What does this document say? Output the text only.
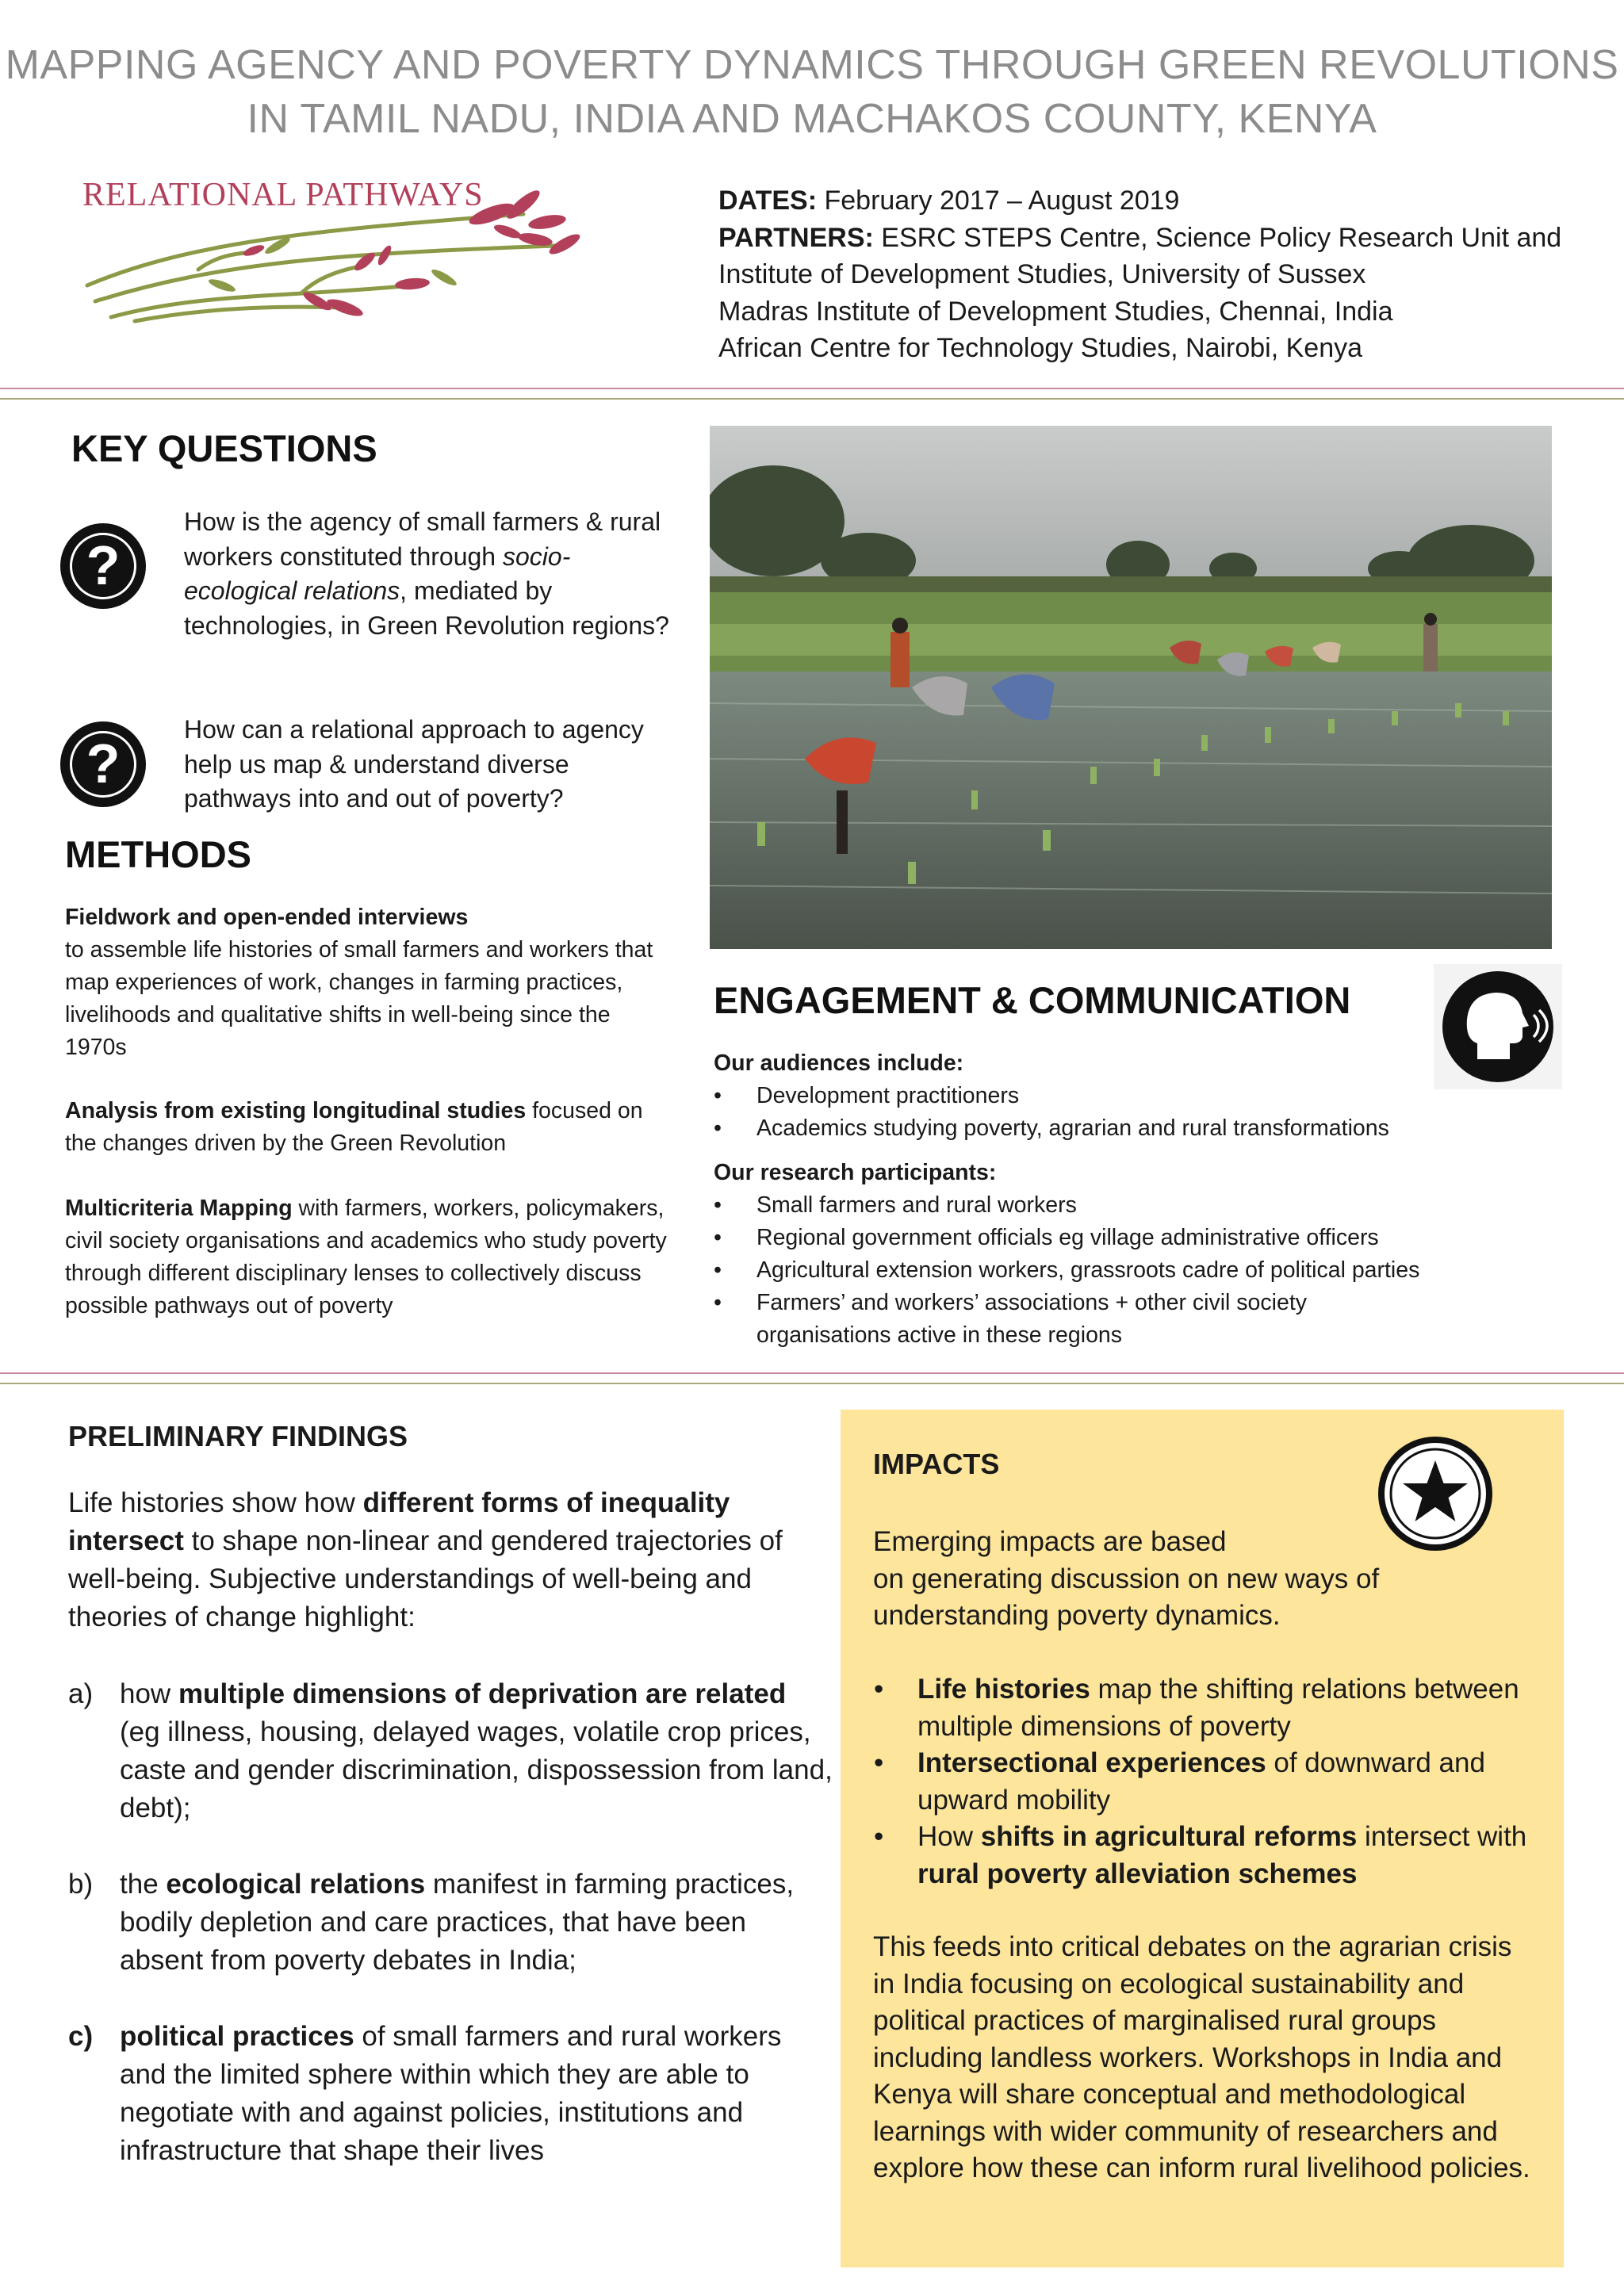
MAPPING AGENCY AND POVERTY DYNAMICS THROUGH GREEN REVOLUTIONS
IN TAMIL NADU, INDIA AND MACHAKOS COUNTY, KENYA
RELATIONAL PATHWAYS	DATES: February 2017 – August 2019
PARTNERS: ESRC STEPS Centre, Science Policy Research Unit and
Institute of Development Studies, University of Sussex
Madras Institute of Development Studies, Chennai, India
African Centre for Technology Studies, Nairobi, Kenya
KEY QUESTIONS
?
How is the agency of small farmers & rural workers constituted through socio-ecological relations, mediated by technologies, in Green Revolution regions?
?
How can a relational approach to agency help us map & understand diverse pathways into and out of poverty?
METHODS
Fieldwork and open-ended interviews
to assemble life histories of small farmers and workers that map experiences of work, changes in farming practices, livelihoods and qualitative shifts in well-being since the 1970s
Analysis from existing longitudinal studies focused on the changes driven by the Green Revolution
Multicriteria Mapping with farmers, workers, policymakers, civil society organisations and academics who study poverty through different disciplinary lenses to collectively discuss possible pathways out of poverty
ENGAGEMENT & COMMUNICATION
Our audiences include:
• Development practitioners
• Academics studying poverty, agrarian and rural transformations
Our research participants:
• Small farmers and rural workers
• Regional government officials eg village administrative officers
• Agricultural extension workers, grassroots cadre of political parties
• Farmers’ and workers’ associations + other civil society
organisations active in these regions
PRELIMINARY FINDINGS
Life histories show how different forms of inequality intersect to shape non-linear and gendered trajectories of well-being. Subjective understandings of well-being and theories of change highlight:
a) how multiple dimensions of deprivation are related (eg illness, housing, delayed wages, volatile crop prices, caste and gender discrimination, dispossession from land, debt);
b) the ecological relations manifest in farming practices, bodily depletion and care practices, that have been absent from poverty debates in India;
c) political practices of small farmers and rural workers and the limited sphere within which they are able to negotiate with and against policies, institutions and infrastructure that shape their lives
IMPACTS
Emerging impacts are based
on generating discussion on new ways of understanding poverty dynamics.
• Life histories map the shifting relations between multiple dimensions of poverty
• Intersectional experiences of downward and upward mobility
• How shifts in agricultural reforms intersect with rural poverty alleviation schemes
This feeds into critical debates on the agrarian crisis in India focusing on ecological sustainability and political practices of marginalised rural groups including landless workers. Workshops in India and Kenya will share conceptual and methodological learnings with wider community of researchers and explore how these can inform rural livelihood policies.
